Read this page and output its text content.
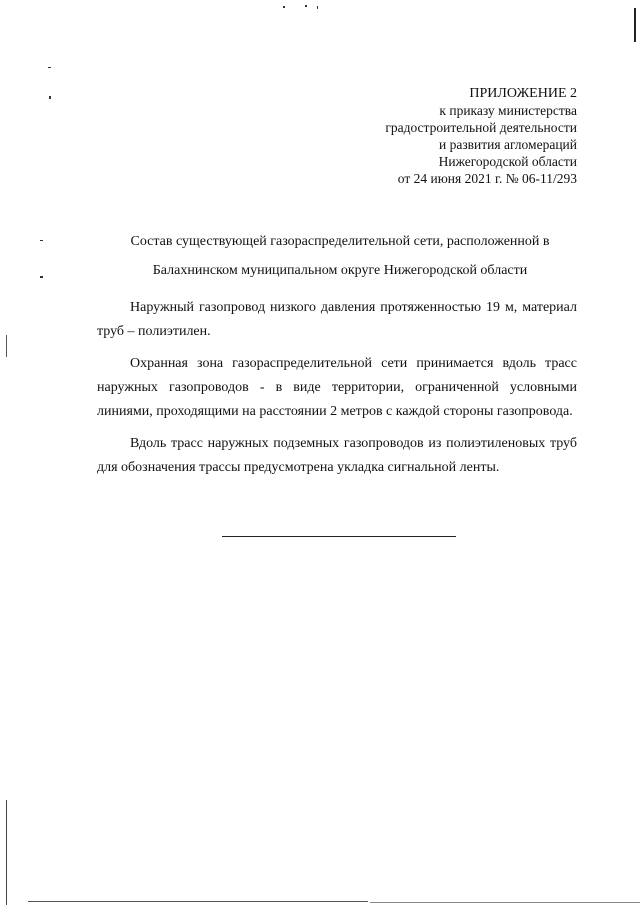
ПРИЛОЖЕНИЕ 2
к приказу министерства
градостроительной деятельности
и развития агломераций
Нижегородской области
от 24 июня 2021 г. № 06-11/293
Состав существующей газораспределительной сети, расположенной в
Балахнинском муниципальном округе Нижегородской области

Наружный газопровод низкого давления протяженностью 19 м, материал труб – полиэтилен.

Охранная зона газораспределительной сети принимается вдоль трасс наружных газопроводов - в виде территории, ограниченной условными линиями, проходящими на расстоянии 2 метров с каждой стороны газопровода.

Вдоль трасс наружных подземных газопроводов из полиэтиленовых труб для обозначения трассы предусмотрена укладка сигнальной ленты.
